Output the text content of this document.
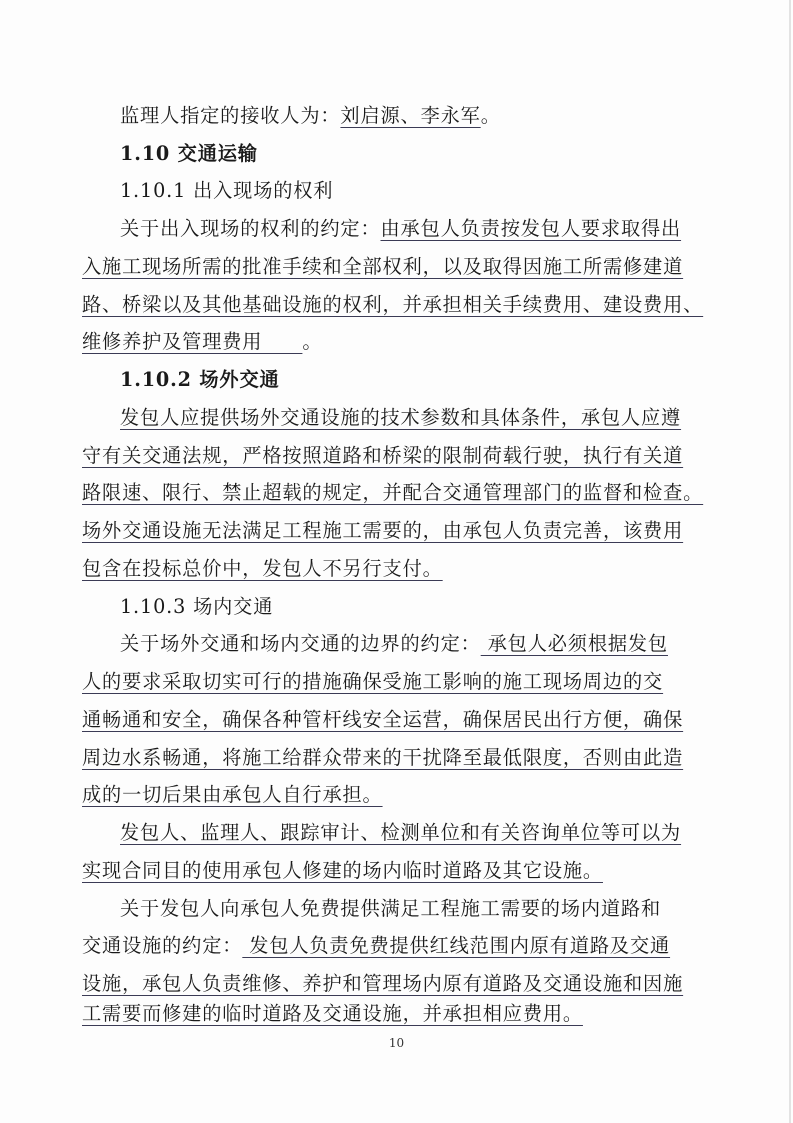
监理人指定的接收人为：刘启源、李永军。
1.10 交通运输
1.10.1 出入现场的权利
关于出入现场的权利的约定：由承包人负责按发包人要求取得出
入施工现场所需的批准手续和全部权利，以及取得因施工所需修建道
路、桥梁以及其他基础设施的权利，并承担相关手续费用、建设费用、
维修养护及管理费用　　。
1.10.2 场外交通
发包人应提供场外交通设施的技术参数和具体条件，承包人应遵
守有关交通法规，严格按照道路和桥梁的限制荷载行驶，执行有关道
路限速、限行、禁止超载的规定，并配合交通管理部门的监督和检查。
场外交通设施无法满足工程施工需要的，由承包人负责完善，该费用
包含在投标总价中，发包人不另行支付。
1.10.3 场内交通
关于场外交通和场内交通的边界的约定： 承包人必须根据发包
人的要求采取切实可行的措施确保受施工影响的施工现场周边的交
通畅通和安全，确保各种管杆线安全运营，确保居民出行方便，确保
周边水系畅通，将施工给群众带来的干扰降至最低限度，否则由此造
成的一切后果由承包人自行承担。
发包人、监理人、跟踪审计、检测单位和有关咨询单位等可以为
实现合同目的使用承包人修建的场内临时道路及其它设施。
关于发包人向承包人免费提供满足工程施工需要的场内道路和
交通设施的约定： 发包人负责免费提供红线范围内原有道路及交通
设施，承包人负责维修、养护和管理场内原有道路及交通设施和因施
工需要而修建的临时道路及交通设施，并承担相应费用。
10
